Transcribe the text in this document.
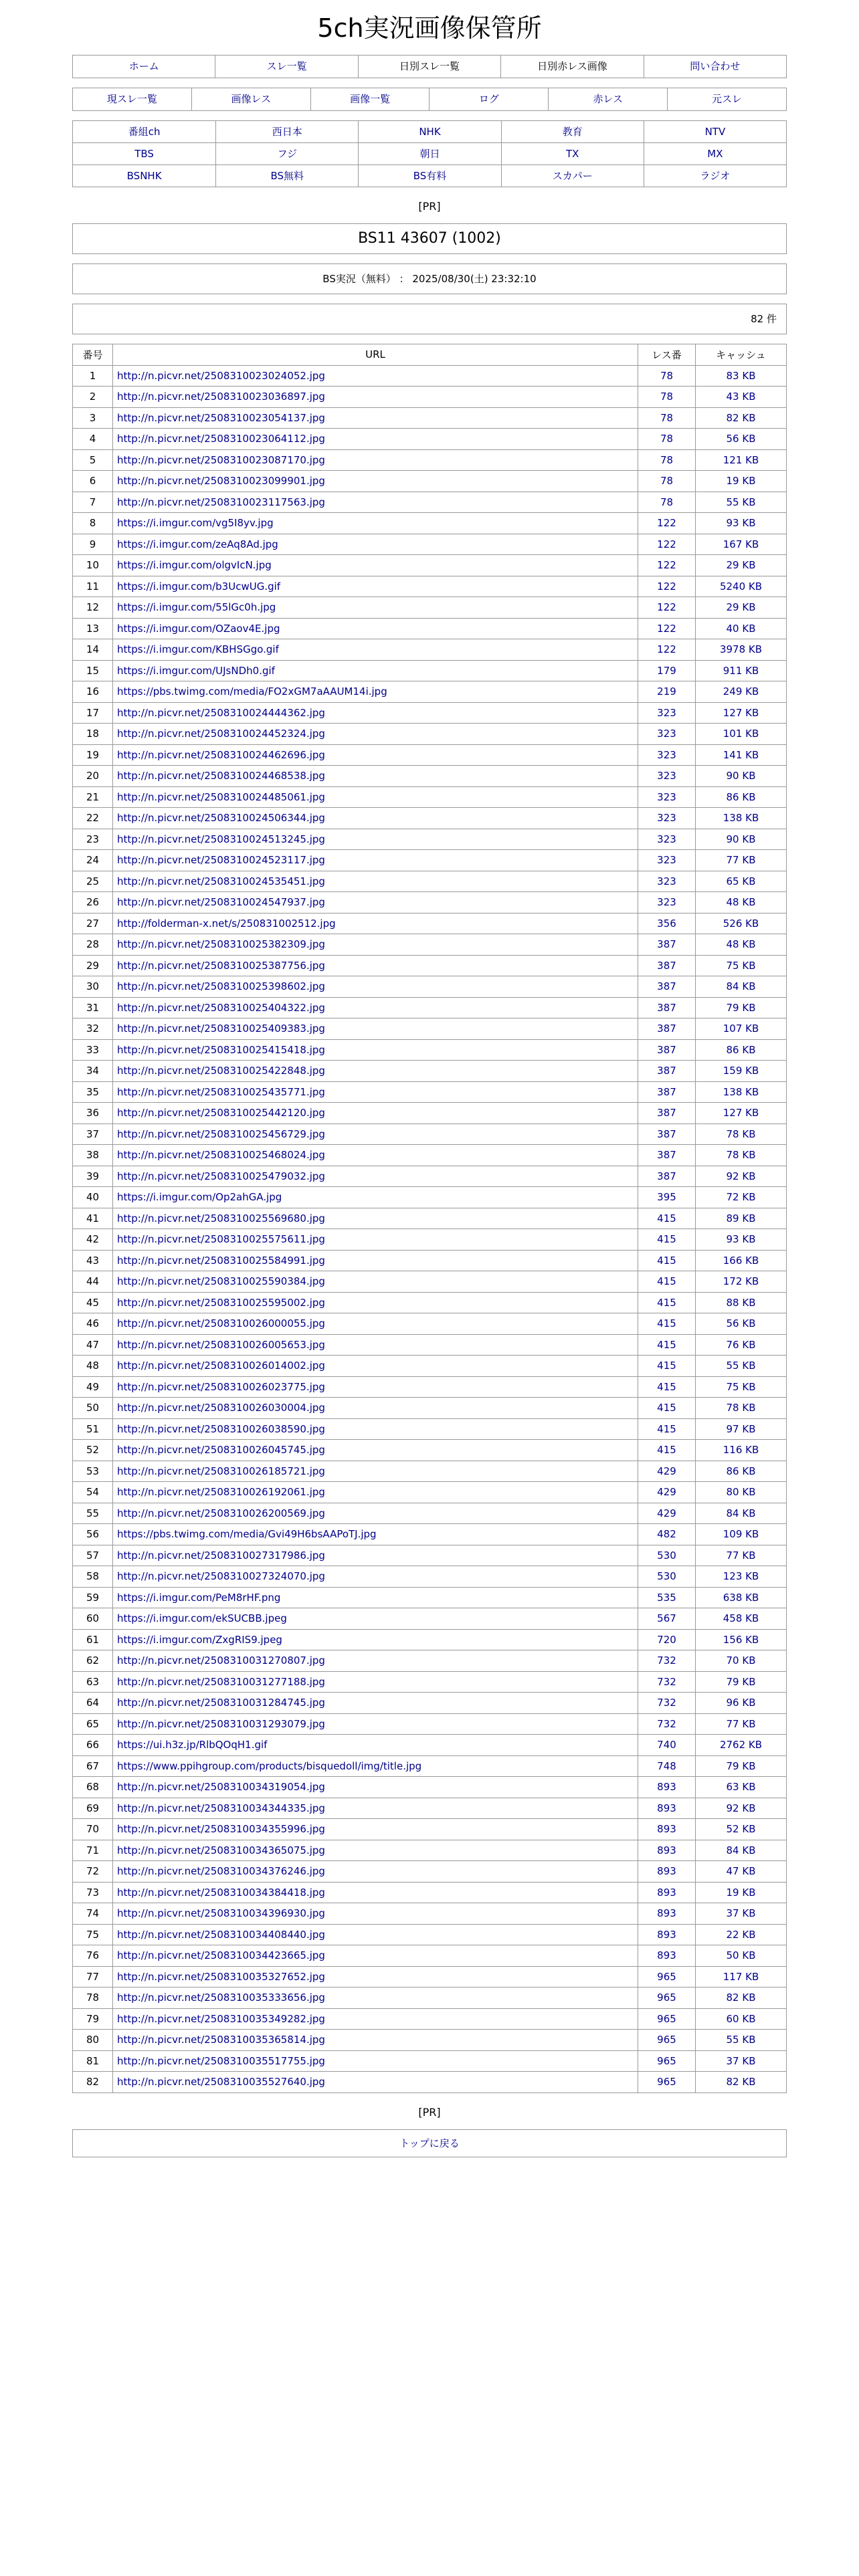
5ch実況画像保管所
ホーム	スレ一覧	日別スレ一覧	日別赤レス画像	問い合わせ
現スレ一覧	画像レス	画像一覧	ログ	赤レス	元スレ
番組ch	西日本	NHK	教育	NTV
TBS	フジ	朝日	TX	MX
BSNHK	BS無料	BS有料	スカパー	ラジオ
[PR]
BS11 43607 (1002)
BS実況（無料） ： 2025/08/30(土) 23:32:10
82 件
番号	URL	レス番	キャッシュ
1	http://n.picvr.net/2508310023024052.jpg	78	83 KB
2	http://n.picvr.net/2508310023036897.jpg	78	43 KB
3	http://n.picvr.net/2508310023054137.jpg	78	82 KB
4	http://n.picvr.net/2508310023064112.jpg	78	56 KB
5	http://n.picvr.net/2508310023087170.jpg	78	121 KB
6	http://n.picvr.net/2508310023099901.jpg	78	19 KB
7	http://n.picvr.net/2508310023117563.jpg	78	55 KB
8	https://i.imgur.com/vg5I8yv.jpg	122	93 KB
9	https://i.imgur.com/zeAq8Ad.jpg	122	167 KB
10	https://i.imgur.com/olgvIcN.jpg	122	29 KB
11	https://i.imgur.com/b3UcwUG.gif	122	5240 KB
12	https://i.imgur.com/55lGc0h.jpg	122	29 KB
13	https://i.imgur.com/OZaov4E.jpg	122	40 KB
14	https://i.imgur.com/KBHSGgo.gif	122	3978 KB
15	https://i.imgur.com/UJsNDh0.gif	179	911 KB
16	https://pbs.twimg.com/media/FO2xGM7aAAUM14i.jpg	219	249 KB
17	http://n.picvr.net/2508310024444362.jpg	323	127 KB
18	http://n.picvr.net/2508310024452324.jpg	323	101 KB
19	http://n.picvr.net/2508310024462696.jpg	323	141 KB
20	http://n.picvr.net/2508310024468538.jpg	323	90 KB
21	http://n.picvr.net/2508310024485061.jpg	323	86 KB
22	http://n.picvr.net/2508310024506344.jpg	323	138 KB
23	http://n.picvr.net/2508310024513245.jpg	323	90 KB
24	http://n.picvr.net/2508310024523117.jpg	323	77 KB
25	http://n.picvr.net/2508310024535451.jpg	323	65 KB
26	http://n.picvr.net/2508310024547937.jpg	323	48 KB
27	http://folderman-x.net/s/250831002512.jpg	356	526 KB
28	http://n.picvr.net/2508310025382309.jpg	387	48 KB
29	http://n.picvr.net/2508310025387756.jpg	387	75 KB
30	http://n.picvr.net/2508310025398602.jpg	387	84 KB
31	http://n.picvr.net/2508310025404322.jpg	387	79 KB
32	http://n.picvr.net/2508310025409383.jpg	387	107 KB
33	http://n.picvr.net/2508310025415418.jpg	387	86 KB
34	http://n.picvr.net/2508310025422848.jpg	387	159 KB
35	http://n.picvr.net/2508310025435771.jpg	387	138 KB
36	http://n.picvr.net/2508310025442120.jpg	387	127 KB
37	http://n.picvr.net/2508310025456729.jpg	387	78 KB
38	http://n.picvr.net/2508310025468024.jpg	387	78 KB
39	http://n.picvr.net/2508310025479032.jpg	387	92 KB
40	https://i.imgur.com/Op2ahGA.jpg	395	72 KB
41	http://n.picvr.net/2508310025569680.jpg	415	89 KB
42	http://n.picvr.net/2508310025575611.jpg	415	93 KB
43	http://n.picvr.net/2508310025584991.jpg	415	166 KB
44	http://n.picvr.net/2508310025590384.jpg	415	172 KB
45	http://n.picvr.net/2508310025595002.jpg	415	88 KB
46	http://n.picvr.net/2508310026000055.jpg	415	56 KB
47	http://n.picvr.net/2508310026005653.jpg	415	76 KB
48	http://n.picvr.net/2508310026014002.jpg	415	55 KB
49	http://n.picvr.net/2508310026023775.jpg	415	75 KB
50	http://n.picvr.net/2508310026030004.jpg	415	78 KB
51	http://n.picvr.net/2508310026038590.jpg	415	97 KB
52	http://n.picvr.net/2508310026045745.jpg	415	116 KB
53	http://n.picvr.net/2508310026185721.jpg	429	86 KB
54	http://n.picvr.net/2508310026192061.jpg	429	80 KB
55	http://n.picvr.net/2508310026200569.jpg	429	84 KB
56	https://pbs.twimg.com/media/Gvi49H6bsAAPoTJ.jpg	482	109 KB
57	http://n.picvr.net/2508310027317986.jpg	530	77 KB
58	http://n.picvr.net/2508310027324070.jpg	530	123 KB
59	https://i.imgur.com/PeM8rHF.png	535	638 KB
60	https://i.imgur.com/ekSUCBB.jpeg	567	458 KB
61	https://i.imgur.com/ZxgRIS9.jpeg	720	156 KB
62	http://n.picvr.net/2508310031270807.jpg	732	70 KB
63	http://n.picvr.net/2508310031277188.jpg	732	79 KB
64	http://n.picvr.net/2508310031284745.jpg	732	96 KB
65	http://n.picvr.net/2508310031293079.jpg	732	77 KB
66	https://ui.h3z.jp/RlbQOqH1.gif	740	2762 KB
67	https://www.ppihgroup.com/products/bisquedoll/img/title.jpg	748	79 KB
68	http://n.picvr.net/2508310034319054.jpg	893	63 KB
69	http://n.picvr.net/2508310034344335.jpg	893	92 KB
70	http://n.picvr.net/2508310034355996.jpg	893	52 KB
71	http://n.picvr.net/2508310034365075.jpg	893	84 KB
72	http://n.picvr.net/2508310034376246.jpg	893	47 KB
73	http://n.picvr.net/2508310034384418.jpg	893	19 KB
74	http://n.picvr.net/2508310034396930.jpg	893	37 KB
75	http://n.picvr.net/2508310034408440.jpg	893	22 KB
76	http://n.picvr.net/2508310034423665.jpg	893	50 KB
77	http://n.picvr.net/2508310035327652.jpg	965	117 KB
78	http://n.picvr.net/2508310035333656.jpg	965	82 KB
79	http://n.picvr.net/2508310035349282.jpg	965	60 KB
80	http://n.picvr.net/2508310035365814.jpg	965	55 KB
81	http://n.picvr.net/2508310035517755.jpg	965	37 KB
82	http://n.picvr.net/2508310035527640.jpg	965	82 KB
[PR]
トップに戻る
